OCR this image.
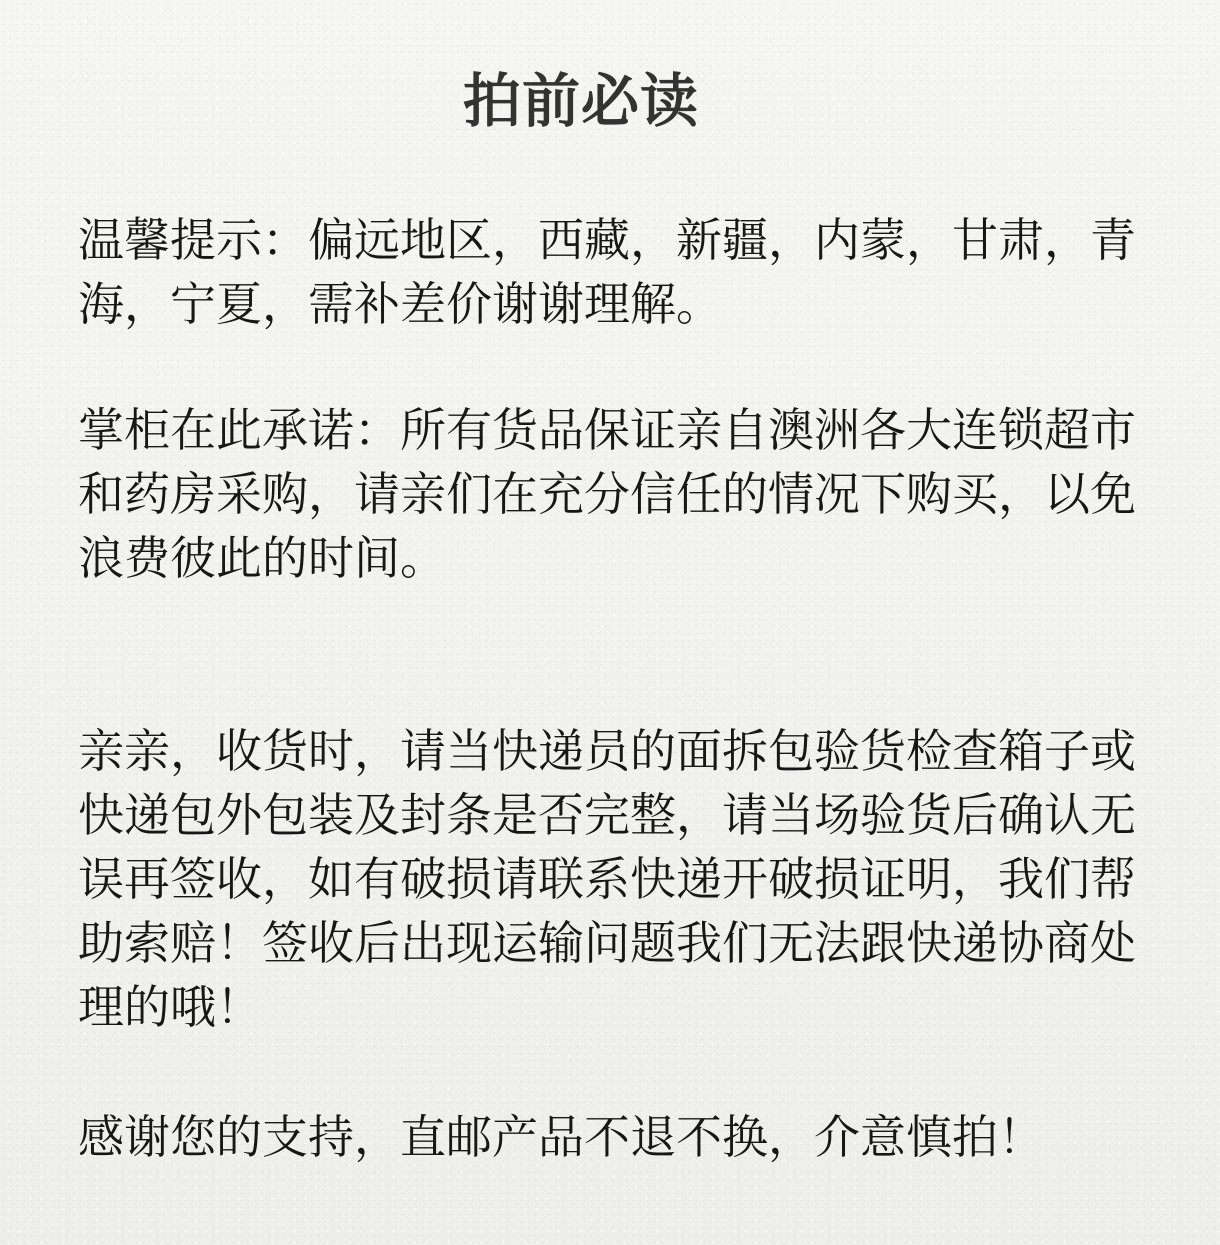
拍前必读

温馨提示：偏远地区，西藏，新疆，内蒙，甘肃，青海，宁夏，需补差价谢谢理解。

掌柜在此承诺：所有货品保证亲自澳洲各大连锁超市和药房采购，请亲们在充分信任的情况下购买，以免浪费彼此的时间。

亲亲，收货时，请当快递员的面拆包验货检查箱子或快递包外包装及封条是否完整，请当场验货后确认无误再签收，如有破损请联系快递开破损证明，我们帮助索赔！签收后出现运输问题我们无法跟快递协商处理的哦！

感谢您的支持，直邮产品不退不换，介意慎拍！
